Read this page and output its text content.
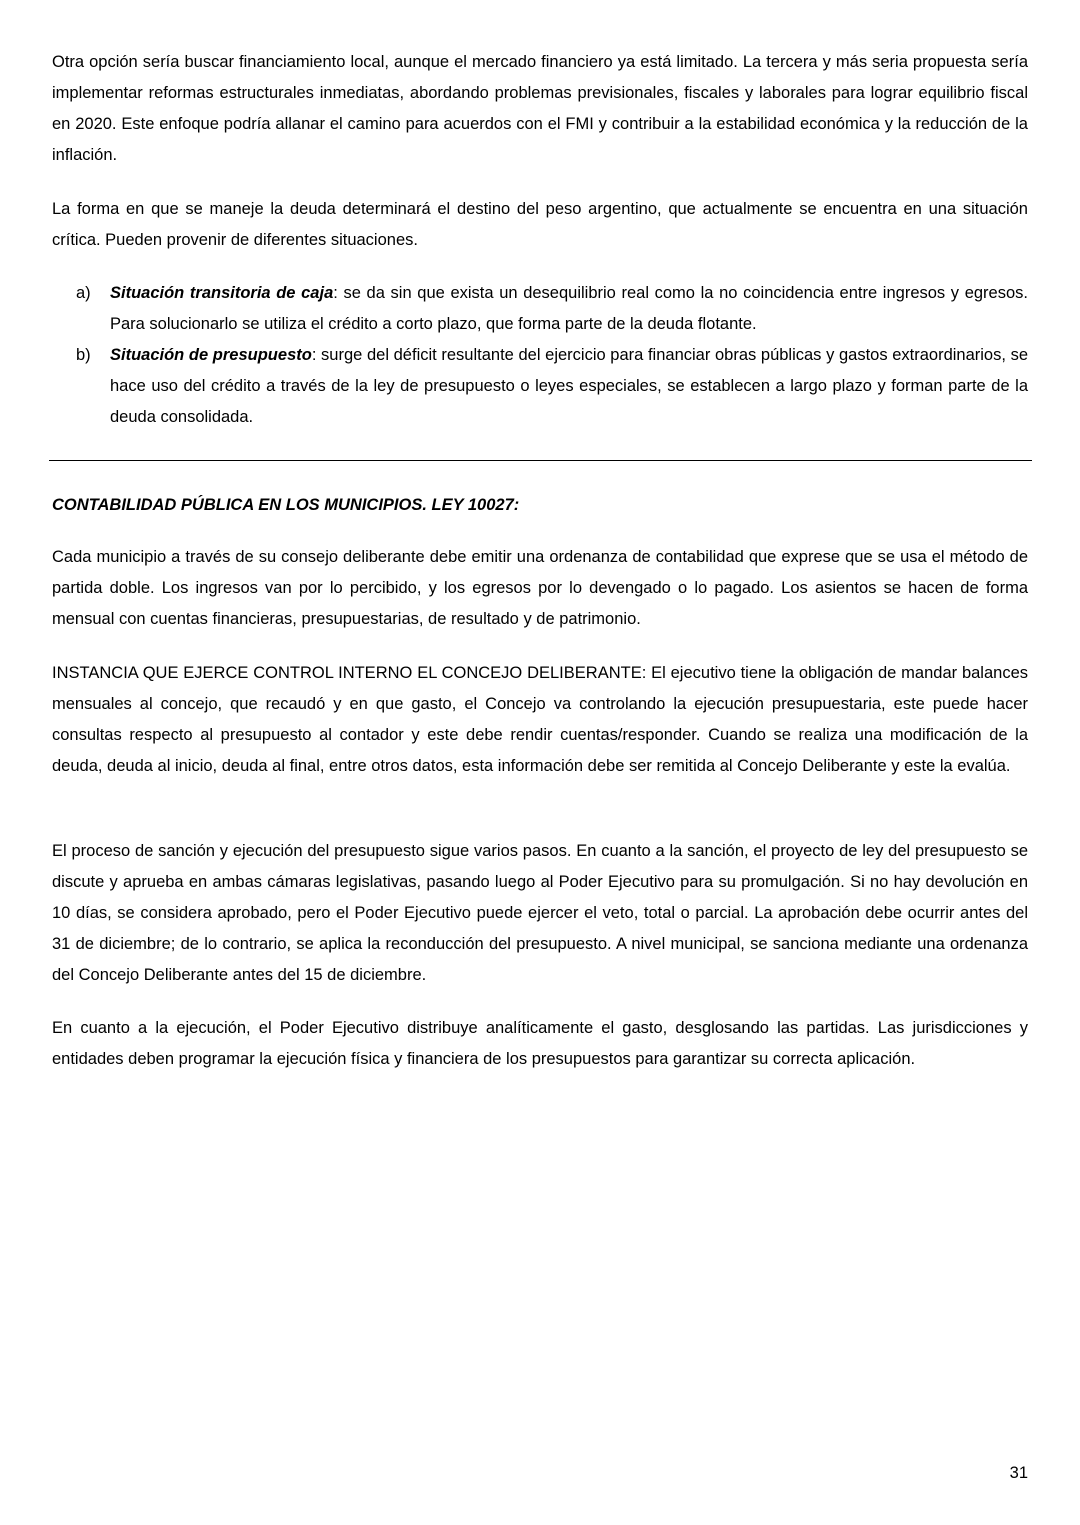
Otra opción sería buscar financiamiento local, aunque el mercado financiero ya está limitado. La tercera y más seria propuesta sería implementar reformas estructurales inmediatas, abordando problemas previsionales, fiscales y laborales para lograr equilibrio fiscal en 2020. Este enfoque podría allanar el camino para acuerdos con el FMI y contribuir a la estabilidad económica y la reducción de la inflación.

La forma en que se maneje la deuda determinará el destino del peso argentino, que actualmente se encuentra en una situación crítica. Pueden provenir de diferentes situaciones.

a) Situación transitoria de caja: se da sin que exista un desequilibrio real como la no coincidencia entre ingresos y egresos. Para solucionarlo se utiliza el crédito a corto plazo, que forma parte de la deuda flotante.
b) Situación de presupuesto: surge del déficit resultante del ejercicio para financiar obras públicas y gastos extraordinarios, se hace uso del crédito a través de la ley de presupuesto o leyes especiales, se establecen a largo plazo y forman parte de la deuda consolidada.
CONTABILIDAD PÚBLICA EN LOS MUNICIPIOS. LEY 10027:

Cada municipio a través de su consejo deliberante debe emitir una ordenanza de contabilidad que exprese que se usa el método de partida doble. Los ingresos van por lo percibido, y los egresos por lo devengado o lo pagado. Los asientos se hacen de forma mensual con cuentas financieras, presupuestarias, de resultado y de patrimonio.

INSTANCIA QUE EJERCE CONTROL INTERNO EL CONCEJO DELIBERANTE: El ejecutivo tiene la obligación de mandar balances mensuales al concejo, que recaudó y en que gasto, el Concejo va controlando la ejecución presupuestaria, este puede hacer consultas respecto al presupuesto al contador y este debe rendir cuentas/responder. Cuando se realiza una modificación de la deuda, deuda al inicio, deuda al final, entre otros datos, esta información debe ser remitida al Concejo Deliberante y este la evalúa.

El proceso de sanción y ejecución del presupuesto sigue varios pasos. En cuanto a la sanción, el proyecto de ley del presupuesto se discute y aprueba en ambas cámaras legislativas, pasando luego al Poder Ejecutivo para su promulgación. Si no hay devolución en 10 días, se considera aprobado, pero el Poder Ejecutivo puede ejercer el veto, total o parcial. La aprobación debe ocurrir antes del 31 de diciembre; de lo contrario, se aplica la reconducción del presupuesto. A nivel municipal, se sanciona mediante una ordenanza del Concejo Deliberante antes del 15 de diciembre.

En cuanto a la ejecución, el Poder Ejecutivo distribuye analíticamente el gasto, desglosando las partidas. Las jurisdicciones y entidades deben programar la ejecución física y financiera de los presupuestos para garantizar su correcta aplicación.

31
